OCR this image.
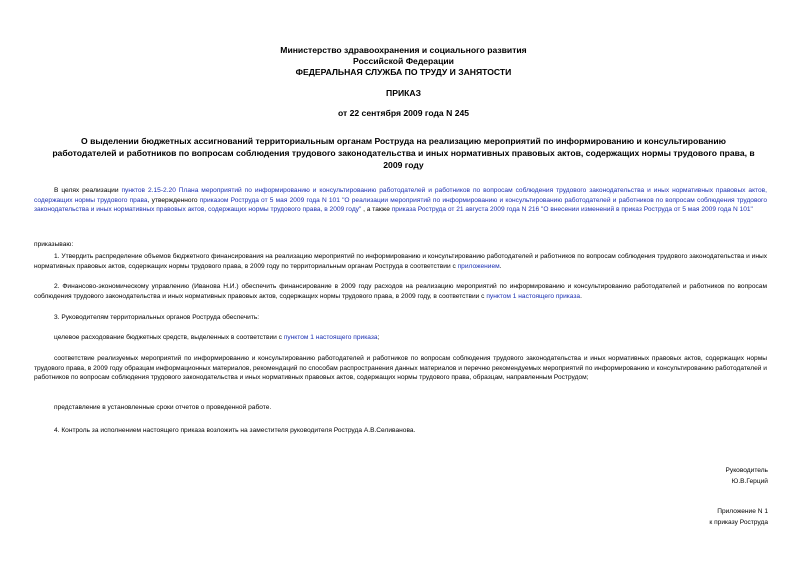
Министерство здравоохранения и социального развития
Российской Федерации
ФЕДЕРАЛЬНАЯ СЛУЖБА ПО ТРУДУ И ЗАНЯТОСТИ
ПРИКАЗ
от 22 сентября 2009 года N 245
О выделении бюджетных ассигнований территориальным органам Роструда на реализацию мероприятий по информированию и консультированию работодателей и работников по вопросам соблюдения трудового законодательства и иных нормативных правовых актов, содержащих нормы трудового права, в 2009 году

В целях реализации пунктов 2.15-2.20 Плана мероприятий по информированию и консультированию работодателей и работников по вопросам соблюдения трудового законодательства и иных нормативных правовых актов, содержащих нормы трудового права, утвержденного приказом Роструда от 5 мая 2009 года N 101 "О реализации мероприятий по информированию и консультированию работодателей и работников по вопросам соблюдения трудового законодательства и иных нормативных правовых актов, содержащих нормы трудового права, в 2009 году" , а также приказа Роструда от 21 августа 2009 года N 216 "О внесении изменений в приказ Роструда от 5 мая 2009 года N 101"

приказываю:

1. Утвердить распределение объемов бюджетного финансирования на реализацию мероприятий по информированию и консультированию работодателей и работников по вопросам соблюдения трудового законодательства и иных нормативных правовых актов, содержащих нормы трудового права, в 2009 году по территориальным органам Роструда в соответствии с приложением.

2. Финансово-экономическому управлению (Иванова Н.И.) обеспечить финансирование в 2009 году расходов на реализацию мероприятий по информированию и консультированию работодателей и работников по вопросам соблюдения трудового законодательства и иных нормативных правовых актов, содержащих нормы трудового права, в 2009 году, в соответствии с пунктом 1 настоящего приказа.

3. Руководителям территориальных органов Роструда обеспечить:

целевое расходование бюджетных средств, выделенных в соответствии с пунктом 1 настоящего приказа;

соответствие реализуемых мероприятий по информированию и консультированию работодателей и работников по вопросам соблюдения трудового законодательства и иных нормативных правовых актов, содержащих нормы трудового права, в 2009 году образцам информационных материалов, рекомендаций по способам распространения данных материалов и перечню рекомендуемых мероприятий по информированию и консультированию работодателей и работников по вопросам соблюдения трудового законодательства и иных нормативных правовых актов, содержащих нормы трудового права, образцам, направленным Рострудом;

представление в установленные сроки отчетов о проведенной работе.

4. Контроль за исполнением настоящего приказа возложить на заместителя руководителя Роструда А.В.Селиванова.

Руководитель
Ю.В.Герций
Приложение N 1
к приказу Роструда
